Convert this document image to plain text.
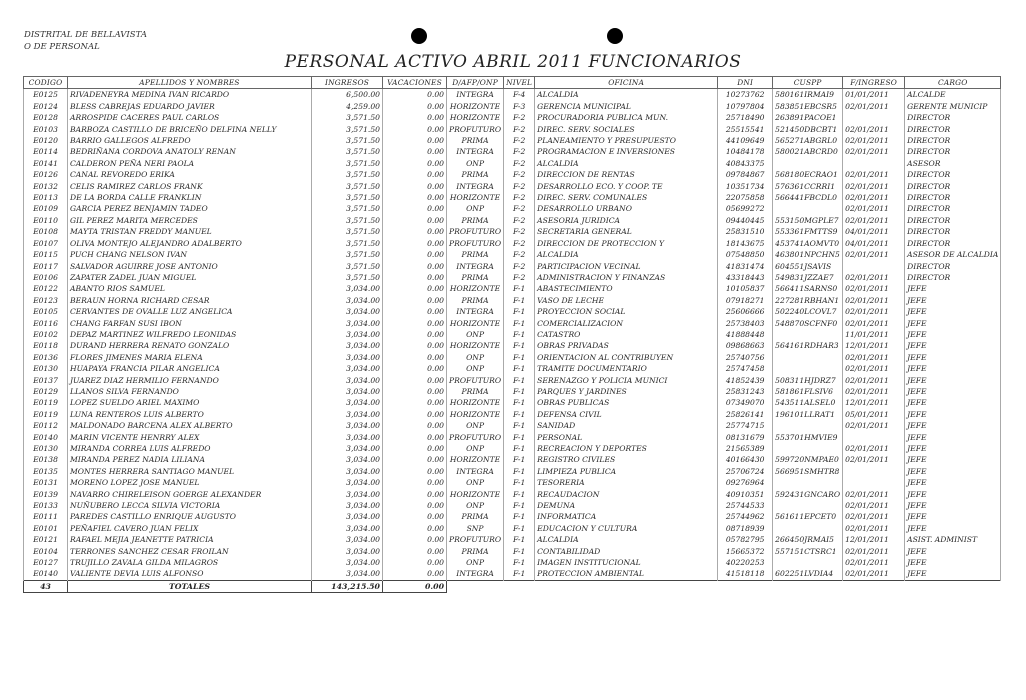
DISTRITAL DE BELLAVISTA
O DE PERSONAL
PERSONAL ACTIVO ABRIL 2011 FUNCIONARIOS
CODIGO	APELLIDOS Y NOMBRES	INGRESOS	VACACIONES	D/AFP/ONP	NIVEL	OFICINA	DNI	CUSPP	F/INGRESO	CARGO
E0125	RIVADENEYRA MEDINA IVAN RICARDO	6,500.00	0.00	INTEGRA	F-4	ALCALDIA	10273762	580161IRMAI9	01/01/2011	ALCALDE
E0124	BLESS CABREJAS EDUARDO JAVIER	4,259.00	0.00	HORIZONTE	F-3	GERENCIA MUNICIPAL	10797804	583851EBCSR5	02/01/2011	GERENTE MUNICIP
E0128	ARROSPIDE CACERES PAUL CARLOS	3,571.50	0.00	HORIZONTE	F-2	PROCURADORIA PUBLICA MUN.	25718490	263891PACOE1		DIRECTOR
E0103	BARBOZA CASTILLO DE BRICEÑO DELFINA NELLY	3,571.50	0.00	PROFUTURO	F-2	DIREC. SERV. SOCIALES	25515541	521450DBCBT1	02/01/2011	DIRECTOR
E0120	BARRIO GALLEGOS ALFREDO	3,571.50	0.00	PRIMA	F-2	PLANEAMIENTO Y PRESUPUESTO	44109649	565271ABGRL0	02/01/2011	DIRECTOR
E0114	BEDRIÑANA CORDOVA ANATOLY RENAN	3,571.50	0.00	INTEGRA	F-2	PROGRAMACION E INVERSIONES	10484178	580021ABCRD0	02/01/2011	DIRECTOR
E0141	CALDERON PEÑA NERI PAOLA	3,571.50	0.00	ONP	F-2	ALCALDIA	40843375			ASESOR
E0126	CANAL REVOREDO ERIKA	3,571.50	0.00	PRIMA	F-2	DIRECCION DE RENTAS	09784867	568180ECRAO1	02/01/2011	DIRECTOR
E0132	CELIS RAMIREZ CARLOS FRANK	3,571.50	0.00	INTEGRA	F-2	DESARROLLO ECO. Y COOP. TE	10351734	576361CCRRI1	02/01/2011	DIRECTOR
E0113	DE LA BORDA CALLE FRANKLIN	3,571.50	0.00	HORIZONTE	F-2	DIREC. SERV. COMUNALES	22075858	566441FBCDL0	02/01/2011	DIRECTOR
E0109	GARCIA PEREZ BENJAMIN TADEO	3,571.50	0.00	ONP	F-2	DESARROLLO URBANO	05699272		02/01/2011	DIRECTOR
E0110	GIL PEREZ MARITA MERCEDES	3,571.50	0.00	PRIMA	F-2	ASESORIA JURIDICA	09440445	553150MGPLE7	02/01/2011	DIRECTOR
E0108	MAYTA TRISTAN FREDDY MANUEL	3,571.50	0.00	PROFUTURO	F-2	SECRETARIA GENERAL	25831510	553361FMTTS9	04/01/2011	DIRECTOR
E0107	OLIVA MONTEJO ALEJANDRO ADALBERTO	3,571.50	0.00	PROFUTURO	F-2	DIRECCION DE PROTECCION Y	18143675	453741AOMVT0	04/01/2011	DIRECTOR
E0115	PUCH CHANG NELSON IVAN	3,571.50	0.00	PRIMA	F-2	ALCALDIA	07548850	463801NPCHN5	02/01/2011	ASESOR DE ALCALDIA
E0117	SALVADOR AGUIRRE JOSE ANTONIO	3,571.50	0.00	INTEGRA	F-2	PARTICIPACION VECINAL	41831474	604551JSAVIS		DIRECTOR
E0106	ZAPATER ZADEL JUAN MIGUEL	3,571.50	0.00	PRIMA	F-2	ADMINISTRACION Y FINANZAS	43318443	549831JZZAE7	02/01/2011	DIRECTOR
E0122	ABANTO RIOS SAMUEL	3,034.00	0.00	HORIZONTE	F-1	ABASTECIMIENTO	10105837	566411SARNS0	02/01/2011	JEFE
E0123	BERAUN HORNA RICHARD CESAR	3,034.00	0.00	PRIMA	F-1	VASO DE LECHE	07918271	227281RBHAN1	02/01/2011	JEFE
E0105	CERVANTES DE OVALLE LUZ ANGELICA	3,034.00	0.00	INTEGRA	F-1	PROYECCION SOCIAL	25606666	502240LCOVL7	02/01/2011	JEFE
E0116	CHANG FARFAN SUSI IBON	3,034.00	0.00	HORIZONTE	F-1	COMERCIALIZACION	25738403	548870SCFNF0	02/01/2011	JEFE
E0102	DEPAZ MARTINEZ WILFREDO LEONIDAS	3,034.00	0.00	ONP	F-1	CATASTRO	41888448		11/01/2011	JEFE
E0118	DURAND HERRERA RENATO GONZALO	3,034.00	0.00	HORIZONTE	F-1	OBRAS PRIVADAS	09868663	564161RDHAR3	12/01/2011	JEFE
E0136	FLORES JIMENES MARIA ELENA	3,034.00	0.00	ONP	F-1	ORIENTACION AL CONTRIBUYEN	25740756		02/01/2011	JEFE
E0130	HUAPAYA FRANCIA PILAR ANGELICA	3,034.00	0.00	ONP	F-1	TRAMITE DOCUMENTARIO	25747458		02/01/2011	JEFE
E0137	JUAREZ DIAZ HERMILIO FERNANDO	3,034.00	0.00	PROFUTURO	F-1	SERENAZGO Y POLICIA MUNICI	41852439	508311HJDRZ7	02/01/2011	JEFE
E0129	LLANOS SILVA FERNANDO	3,034.00	0.00	PRIMA	F-1	PARQUES Y JARDINES	25831243	581861FLSIV6	02/01/2011	JEFE
E0119	LOPEZ SUELDO ARIEL MAXIMO	3,034.00	0.00	HORIZONTE	F-1	OBRAS PUBLICAS	07349070	543511ALSEL0	12/01/2011	JEFE
E0119	LUNA RENTEROS LUIS ALBERTO	3,034.00	0.00	HORIZONTE	F-1	DEFENSA CIVIL	25826141	196101LLRAT1	05/01/2011	JEFE
E0112	MALDONADO BARCENA ALEX ALBERTO	3,034.00	0.00	ONP	F-1	SANIDAD	25774715		02/01/2011	JEFE
E0140	MARIN VICENTE HENRRY ALEX	3,034.00	0.00	PROFUTURO	F-1	PERSONAL	08131679	553701HMVIE9		JEFE
E0130	MIRANDA CORREA LUIS ALFREDO	3,034.00	0.00	ONP	F-1	RECREACION Y DEPORTES	21565389		02/01/2011	JEFE
E0138	MIRANDA PEREZ NADIA LILIANA	3,034.00	0.00	HORIZONTE	F-1	REGISTRO CIVILES	40166430	599720NMPAE0	02/01/2011	JEFE
E0135	MONTES HERRERA SANTIAGO MANUEL	3,034.00	0.00	INTEGRA	F-1	LIMPIEZA PUBLICA	25706724	566951SMHTR8		JEFE
E0131	MORENO LOPEZ JOSE MANUEL	3,034.00	0.00	ONP	F-1	TESORERIA	09276964			JEFE
E0139	NAVARRO CHIRELEISON GOERGE ALEXANDER	3,034.00	0.00	HORIZONTE	F-1	RECAUDACION	40910351	592431GNCARO	02/01/2011	JEFE
E0133	NUÑUBERO LECCA SILVIA VICTORIA	3,034.00	0.00	ONP	F-1	DEMUNA	25744533		02/01/2011	JEFE
E0111	PAREDES CASTILLO ENRIQUE AUGUSTO	3,034.00	0.00	PRIMA	F-1	INFORMATICA	25744962	561611EPCET0	02/01/2011	JEFE
E0101	PEÑAFIEL CAVERO JUAN FELIX	3,034.00	0.00	SNP	F-1	EDUCACION Y CULTURA	08718939		02/01/2011	JEFE
E0121	RAFAEL MEJIA JEANETTE PATRICIA	3,034.00	0.00	PROFUTURO	F-1	ALCALDIA	05782795	266450JRMAI5	12/01/2011	ASIST. ADMINIST
E0104	TERRONES SANCHEZ CESAR FROILAN	3,034.00	0.00	PRIMA	F-1	CONTABILIDAD	15665372	557151CTSRC1	02/01/2011	JEFE
E0127	TRUJILLO ZAVALA GILDA MILAGROS	3,034.00	0.00	ONP	F-1	IMAGEN INSTITUCIONAL	40220253		02/01/2011	JEFE
E0140	VALIENTE DEVIA LUIS ALFONSO	3,034.00	0.00	INTEGRA	F-1	PROTECCION AMBIENTAL	41518118	602251LVDIA4	02/01/2011	JEFE
43	TOTALES	143,215.50	0.00							
